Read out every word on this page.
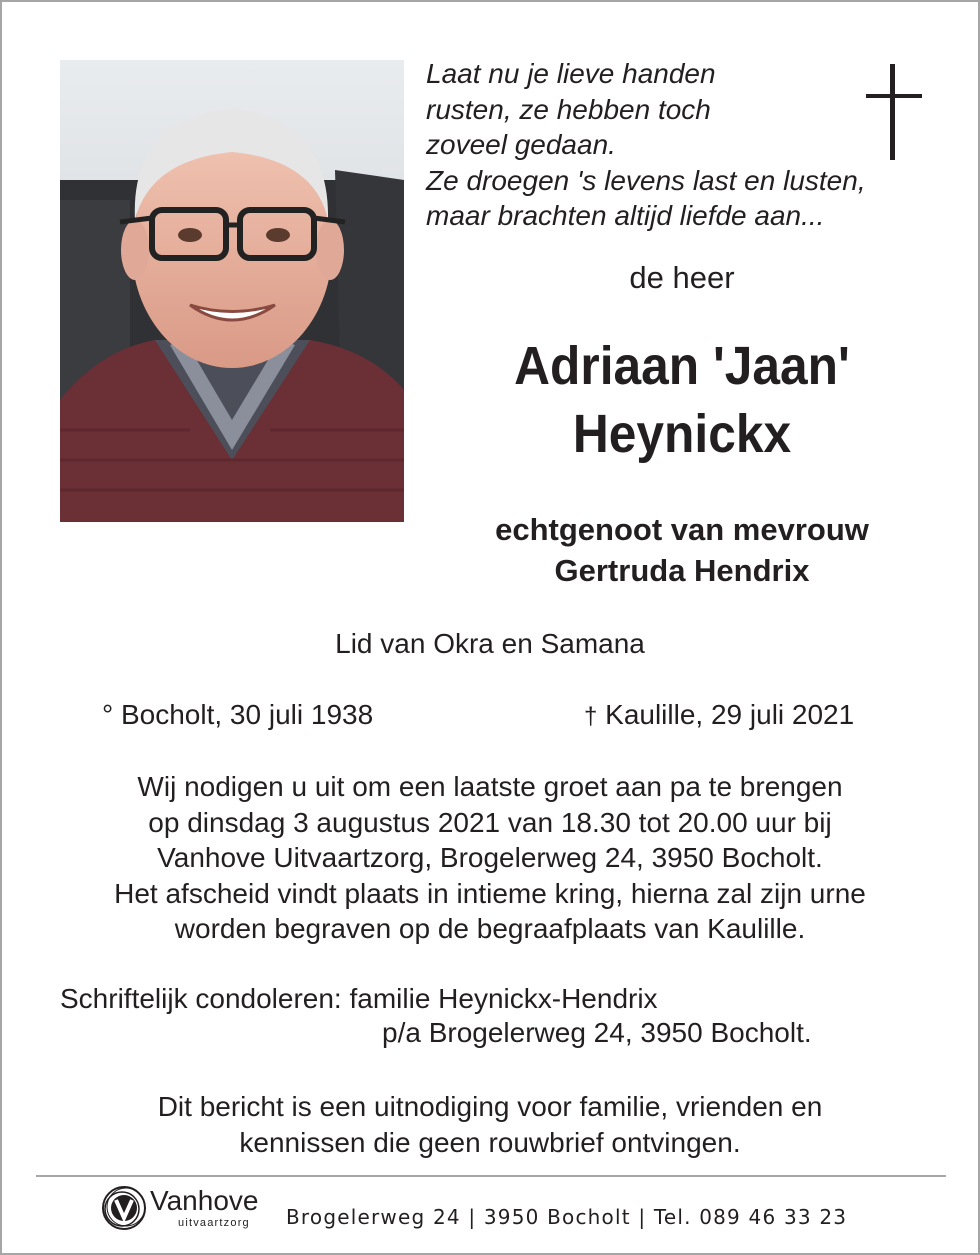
Laat nu je lieve handen
rusten, ze hebben toch
zoveel gedaan.
Ze droegen 's levens last en lusten,
maar brachten altijd liefde aan...
de heer
Adriaan 'Jaan'
Heynickx
echtgenoot van mevrouw
Gertruda Hendrix
Lid van Okra en Samana
° Bocholt, 30 juli 1938	† Kaulille, 29 juli 2021
Wij nodigen u uit om een laatste groet aan pa te brengen
op dinsdag 3 augustus 2021 van 18.30 tot 20.00 uur bij
Vanhove Uitvaartzorg, Brogelerweg 24, 3950 Bocholt.
Het afscheid vindt plaats in intieme kring, hierna zal zijn urne
worden begraven op de begraafplaats van Kaulille.
Schriftelijk condoleren: familie Heynickx-Hendrix
p/a Brogelerweg 24, 3950 Bocholt.
Dit bericht is een uitnodiging voor familie, vrienden en
kennissen die geen rouwbrief ontvingen.
Vanhove
uitvaartzorg Brogelerweg 24 | 3950 Bocholt | Tel. 089 46 33 23
